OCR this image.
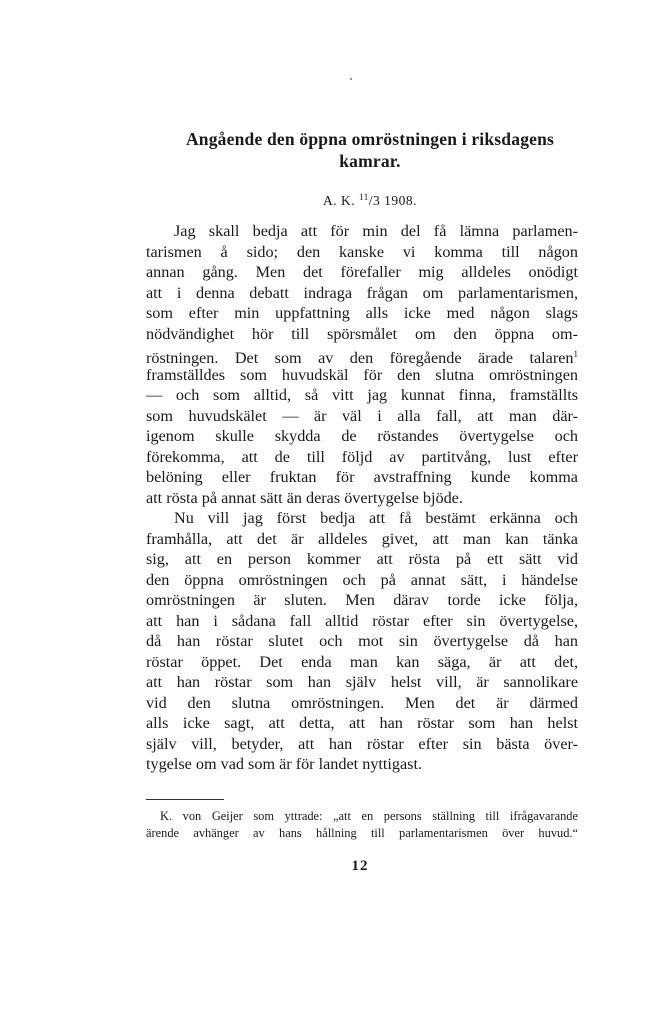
Angående den öppna omröstningen i riksdagens
kamrar.
A. K. $^{11}$/3 1908.
Jag skall bedja att för min del få lämna parlamen-
tarismen å sido; den kanske vi komma till någon
annan gång. Men det förefaller mig alldeles onödigt
att i denna debatt indraga frågan om parlamentarismen,
som efter min uppfattning alls icke med någon slags
nödvändighet hör till spörsmålet om den öppna om-
röstningen. Det som av den föregående ärade talaren$^1$
framställdes som huvudskäl för den slutna omröstningen
— och som alltid, så vitt jag kunnat finna, framställts
som huvudskälet — är väl i alla fall, att man där-
igenom skulle skydda de röstandes övertygelse och
förekomma, att de till följd av partitvång, lust efter
belöning eller fruktan för avstraffning kunde komma
att rösta på annat sätt än deras övertygelse bjöde.
Nu vill jag först bedja att få bestämt erkänna och
framhålla, att det är alldeles givet, att man kan tänka
sig, att en person kommer att rösta på ett sätt vid
den öppna omröstningen och på annat sätt, i händelse
omröstningen är sluten. Men därav torde icke följa,
att han i sådana fall alltid röstar efter sin övertygelse,
då han röstar slutet och mot sin övertygelse då han
röstar öppet. Det enda man kan säga, är att det,
att han röstar som han själv helst vill, är sannolikare
vid den slutna omröstningen. Men det är därmed
alls icke sagt, att detta, att han röstar som han helst
själv vill, betyder, att han röstar efter sin bästa över-
tygelse om vad som är för landet nyttigast.
K. von Geijer som yttrade: „att en persons ställning till ifrågavarande
ärende avhänger av hans hållning till parlamentarismen över huvud.“
12
